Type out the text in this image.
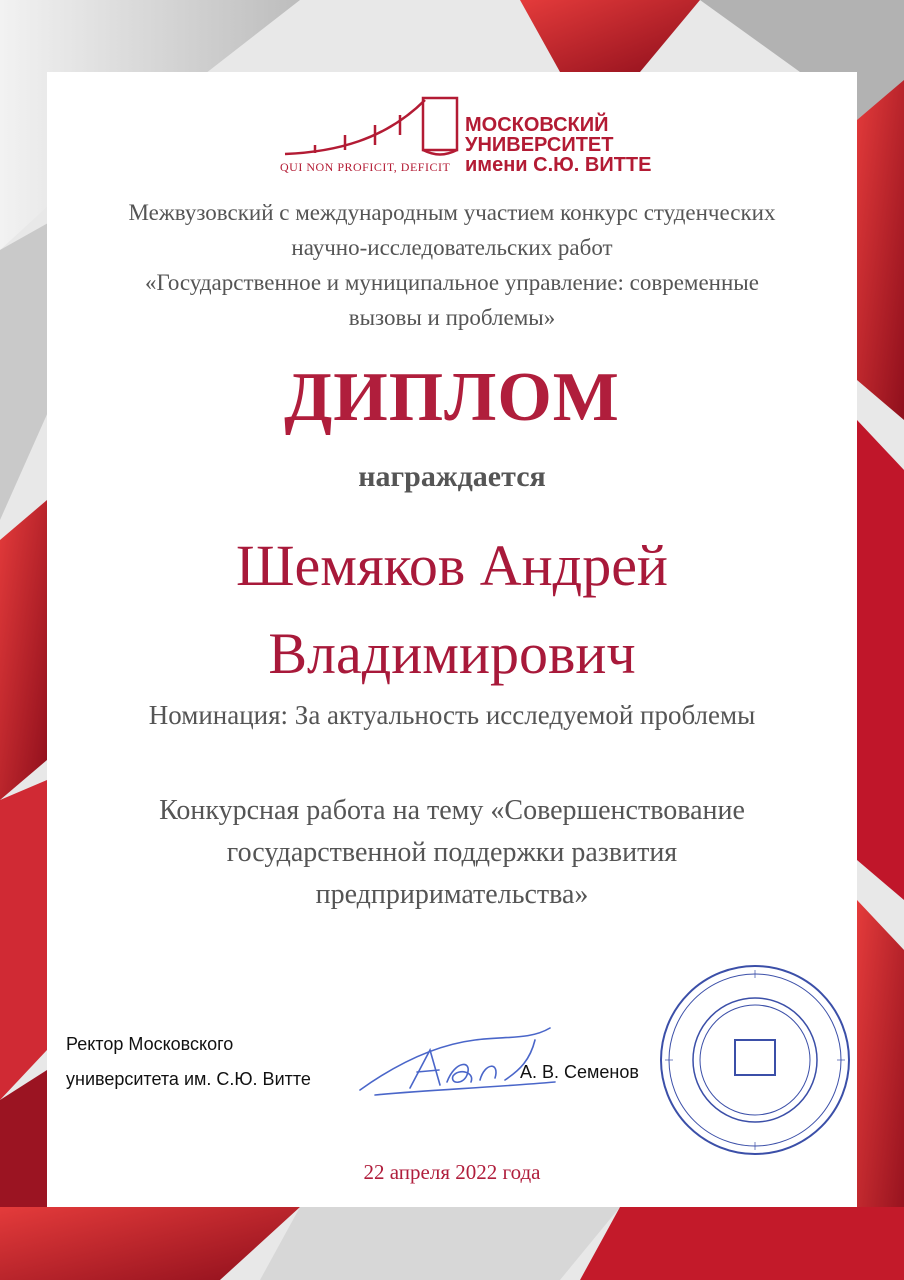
МОСКОВСКИЙ
УНИВЕРСИТЕТ
имени С.Ю. ВИТТЕ
QUI NON PROFICIT, DEFICIT
Межвузовский с международным участием конкурс студенческих
научно-исследовательских работ
«Государственное и муниципальное управление: современные
вызовы и проблемы»
ДИПЛОМ
награждается
Шемяков Андрей
Владимирович
Номинация: За актуальность исследуемой проблемы
Конкурсная работа на тему «Совершенствование
государственной поддержки развития
предприримательства»
Ректор Московского
университета им. С.Ю. Витте	А. В. Семенов
22 апреля 2022 года
